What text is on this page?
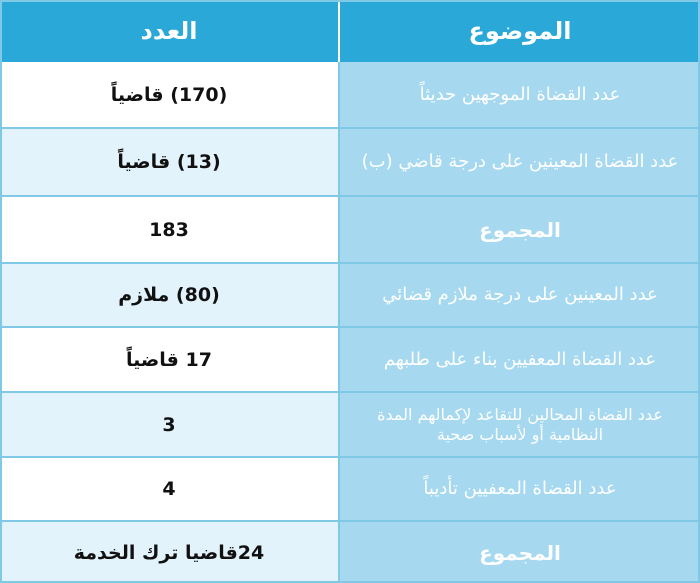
العدد	الموضوع
(170) قاضياً	عدد القضاة الموجهين حديثاً
(13) قاضياً	عدد القضاة المعينين على درجة قاضي (ب)
183	المجموع
(80) ملازم	عدد المعينين على درجة ملازم قضائي
17 قاضياً	عدد القضاة المعفيين بناء على طلبهم
3	عدد القضاة المحالين للتقاعد لإكمالهم المدة النظامية أو لأسباب صحية
4	عدد القضاة المعفيين تأديباً
24قاضيا ترك الخدمة	المجموع
